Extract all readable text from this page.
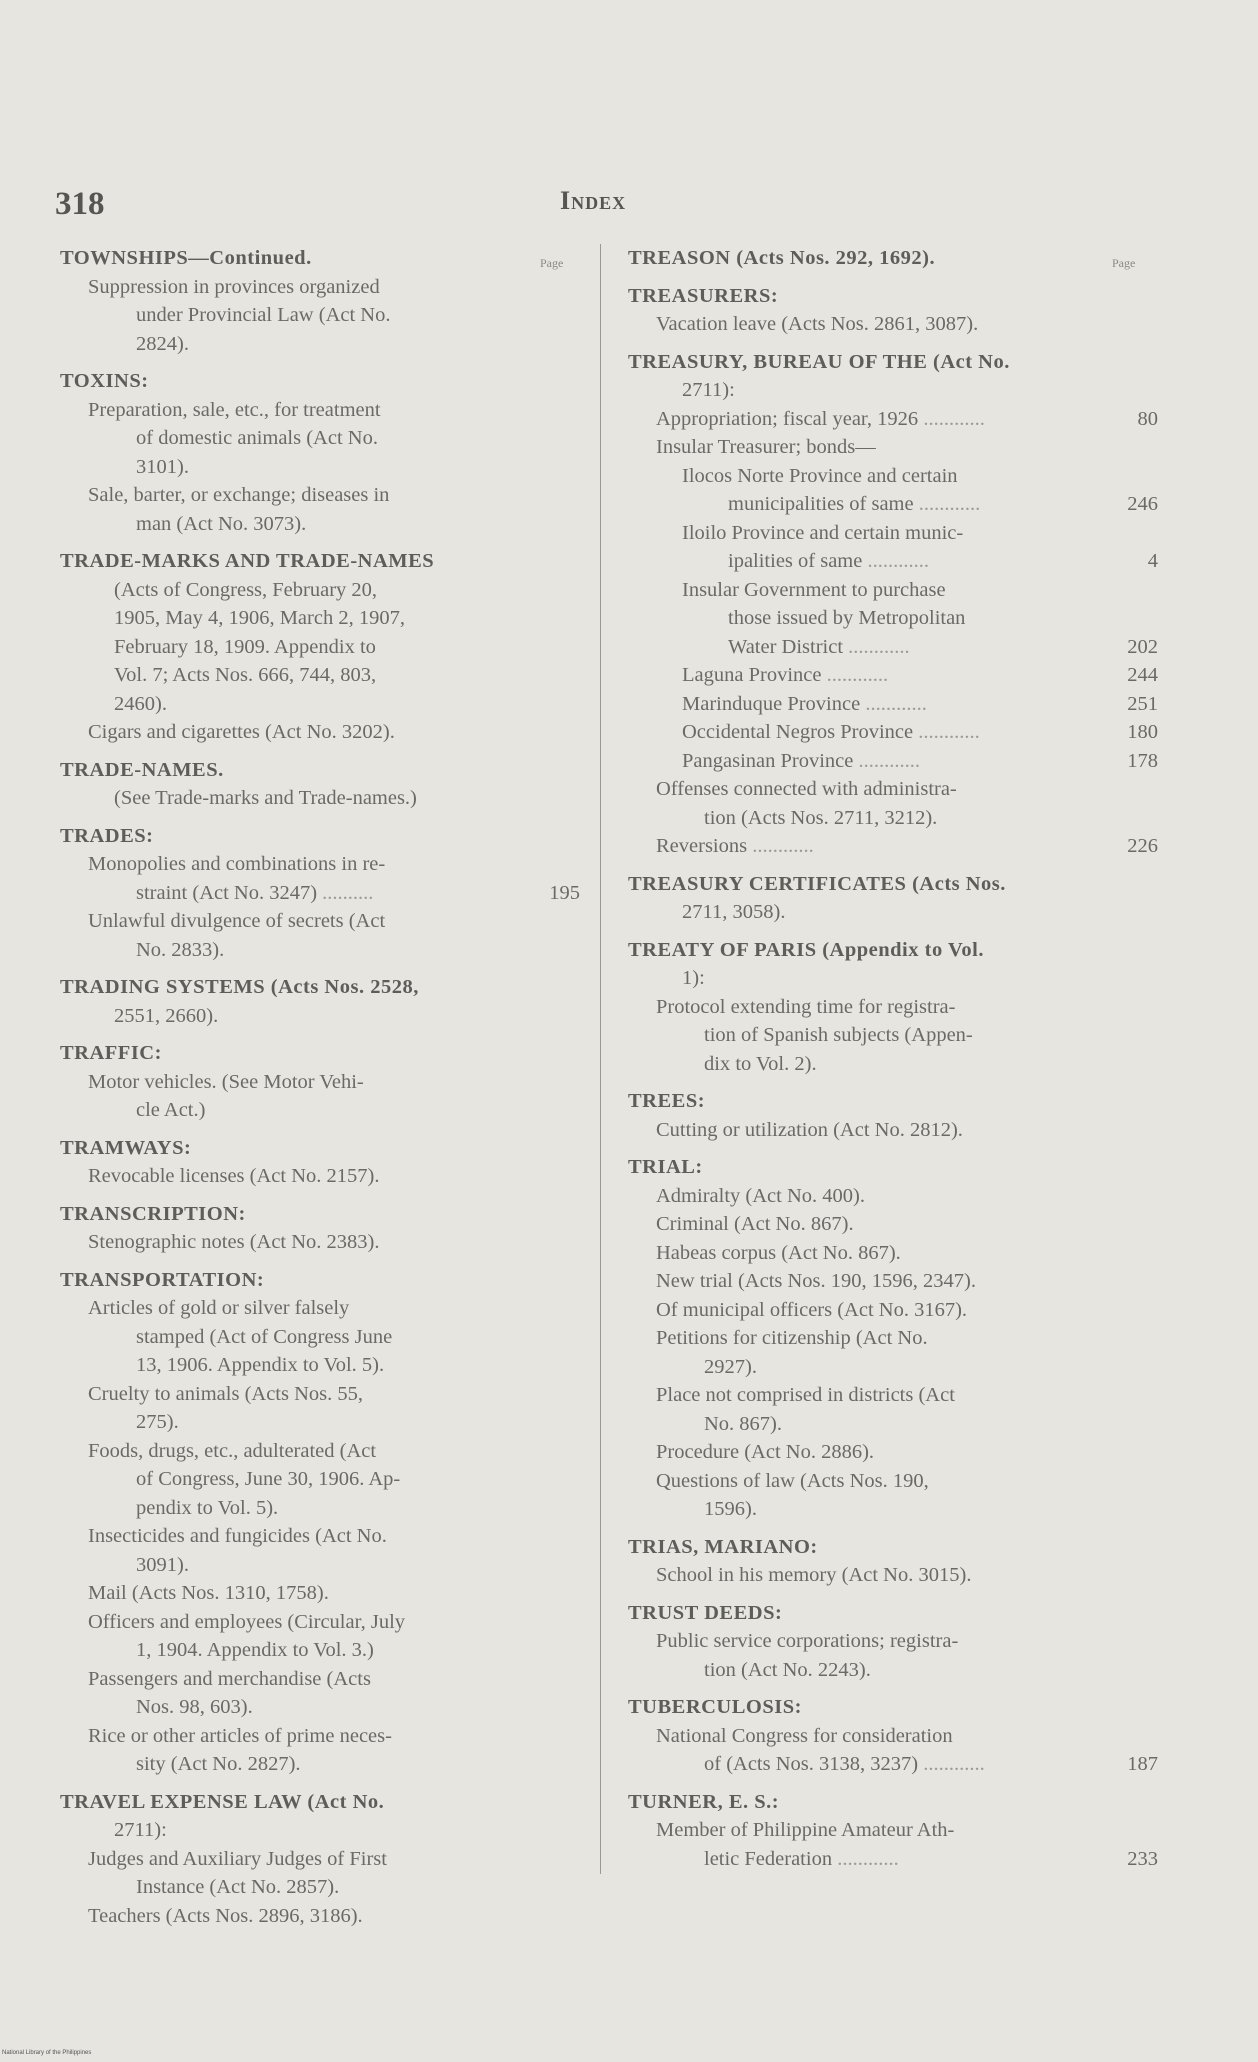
318	Index
Page	Page
TOWNSHIPS—Continued.
Suppression in provinces organized
under Provincial Law (Act No.
2824).
TOXINS:
Preparation, sale, etc., for treatment
of domestic animals (Act No.
3101).
Sale, barter, or exchange; diseases in
man (Act No. 3073).
TRADE-MARKS AND TRADE-NAMES
(Acts of Congress, February 20,
1905, May 4, 1906, March 2, 1907,
February 18, 1909. Appendix to
Vol. 7; Acts Nos. 666, 744, 803,
2460).
Cigars and cigarettes (Act No. 3202).
TRADE-NAMES.
(See Trade-marks and Trade-names.)
TRADES:
Monopolies and combinations in re-
straint (Act No. 3247) ..........	195
Unlawful divulgence of secrets (Act
No. 2833).
TRADING SYSTEMS (Acts Nos. 2528,
2551, 2660).
TRAFFIC:
Motor vehicles. (See Motor Vehi-
cle Act.)
TRAMWAYS:
Revocable licenses (Act No. 2157).
TRANSCRIPTION:
Stenographic notes (Act No. 2383).
TRANSPORTATION:
Articles of gold or silver falsely
stamped (Act of Congress June
13, 1906. Appendix to Vol. 5).
Cruelty to animals (Acts Nos. 55,
275).
Foods, drugs, etc., adulterated (Act
of Congress, June 30, 1906. Ap-
pendix to Vol. 5).
Insecticides and fungicides (Act No.
3091).
Mail (Acts Nos. 1310, 1758).
Officers and employees (Circular, July
1, 1904. Appendix to Vol. 3.)
Passengers and merchandise (Acts
Nos. 98, 603).
Rice or other articles of prime neces-
sity (Act No. 2827).
TRAVEL EXPENSE LAW (Act No.
2711):
Judges and Auxiliary Judges of First
Instance (Act No. 2857).
Teachers (Acts Nos. 2896, 3186).
TREASON (Acts Nos. 292, 1692).
TREASURERS:
Vacation leave (Acts Nos. 2861, 3087).
TREASURY, BUREAU OF THE (Act No.
2711):
Appropriation; fiscal year, 1926 ............	80
Insular Treasurer; bonds—
Ilocos Norte Province and certain
municipalities of same ............	246
Iloilo Province and certain munic-
ipalities of same ............	4
Insular Government to purchase
those issued by Metropolitan
Water District ............	202
Laguna Province ............	244
Marinduque Province ............	251
Occidental Negros Province ............	180
Pangasinan Province ............	178
Offenses connected with administra-
tion (Acts Nos. 2711, 3212).
Reversions ............	226
TREASURY CERTIFICATES (Acts Nos.
2711, 3058).
TREATY OF PARIS (Appendix to Vol.
1):
Protocol extending time for registra-
tion of Spanish subjects (Appen-
dix to Vol. 2).
TREES:
Cutting or utilization (Act No. 2812).
TRIAL:
Admiralty (Act No. 400).
Criminal (Act No. 867).
Habeas corpus (Act No. 867).
New trial (Acts Nos. 190, 1596, 2347).
Of municipal officers (Act No. 3167).
Petitions for citizenship (Act No.
2927).
Place not comprised in districts (Act
No. 867).
Procedure (Act No. 2886).
Questions of law (Acts Nos. 190,
1596).
TRIAS, MARIANO:
School in his memory (Act No. 3015).
TRUST DEEDS:
Public service corporations; registra-
tion (Act No. 2243).
TUBERCULOSIS:
National Congress for consideration
of (Acts Nos. 3138, 3237) ............	187
TURNER, E. S.:
Member of Philippine Amateur Ath-
letic Federation ............	233
National Library of the Philippines
